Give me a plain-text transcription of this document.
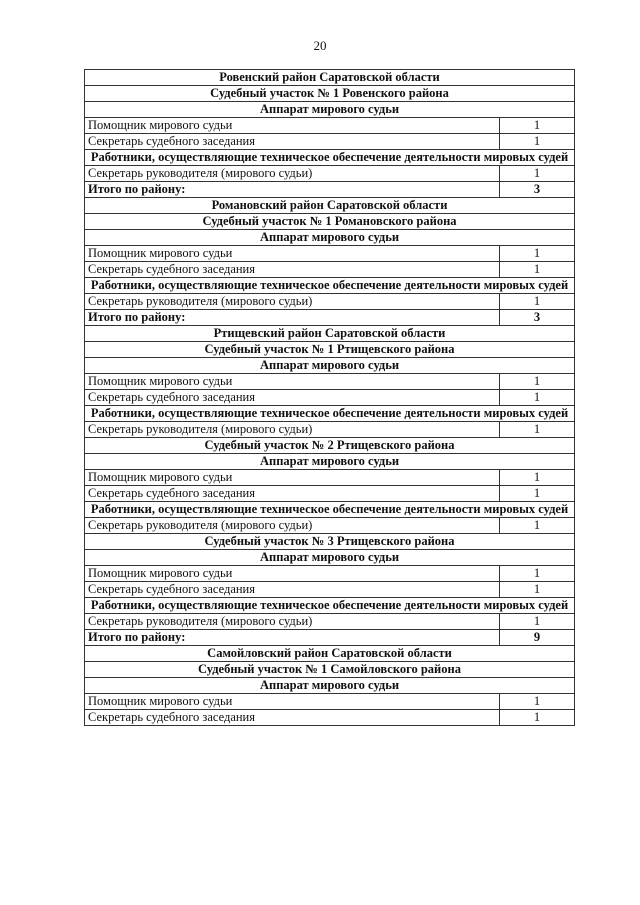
20
Ровенский район Саратовской области	
Судебный участок № 1 Ровенского района	
Аппарат мирового судьи	
Помощник мирового судьи	1
Секретарь судебного заседания	1
Работники, осуществляющие техническое обеспечение деятельности мировых судей	
Секретарь руководителя (мирового судьи)	1
Итого по району:	3
Романовский район Саратовской области	
Судебный участок № 1 Романовского района	
Аппарат мирового судьи	
Помощник мирового судьи	1
Секретарь судебного заседания	1
Работники, осуществляющие техническое обеспечение деятельности мировых судей	
Секретарь руководителя (мирового судьи)	1
Итого по району:	3
Ртищевский район Саратовской области	
Судебный участок № 1 Ртищевского района	
Аппарат мирового судьи	
Помощник мирового судьи	1
Секретарь судебного заседания	1
Работники, осуществляющие техническое обеспечение деятельности мировых судей	
Секретарь руководителя (мирового судьи)	1
Судебный участок № 2 Ртищевского района	
Аппарат мирового судьи	
Помощник мирового судьи	1
Секретарь судебного заседания	1
Работники, осуществляющие техническое обеспечение деятельности мировых судей	
Секретарь руководителя (мирового судьи)	1
Судебный участок № 3 Ртищевского района	
Аппарат мирового судьи	
Помощник мирового судьи	1
Секретарь судебного заседания	1
Работники, осуществляющие техническое обеспечение деятельности мировых судей	
Секретарь руководителя (мирового судьи)	1
Итого по району:	9
Самойловский район Саратовской области	
Судебный участок № 1 Самойловского района	
Аппарат мирового судьи	
Помощник мирового судьи	1
Секретарь судебного заседания	1
